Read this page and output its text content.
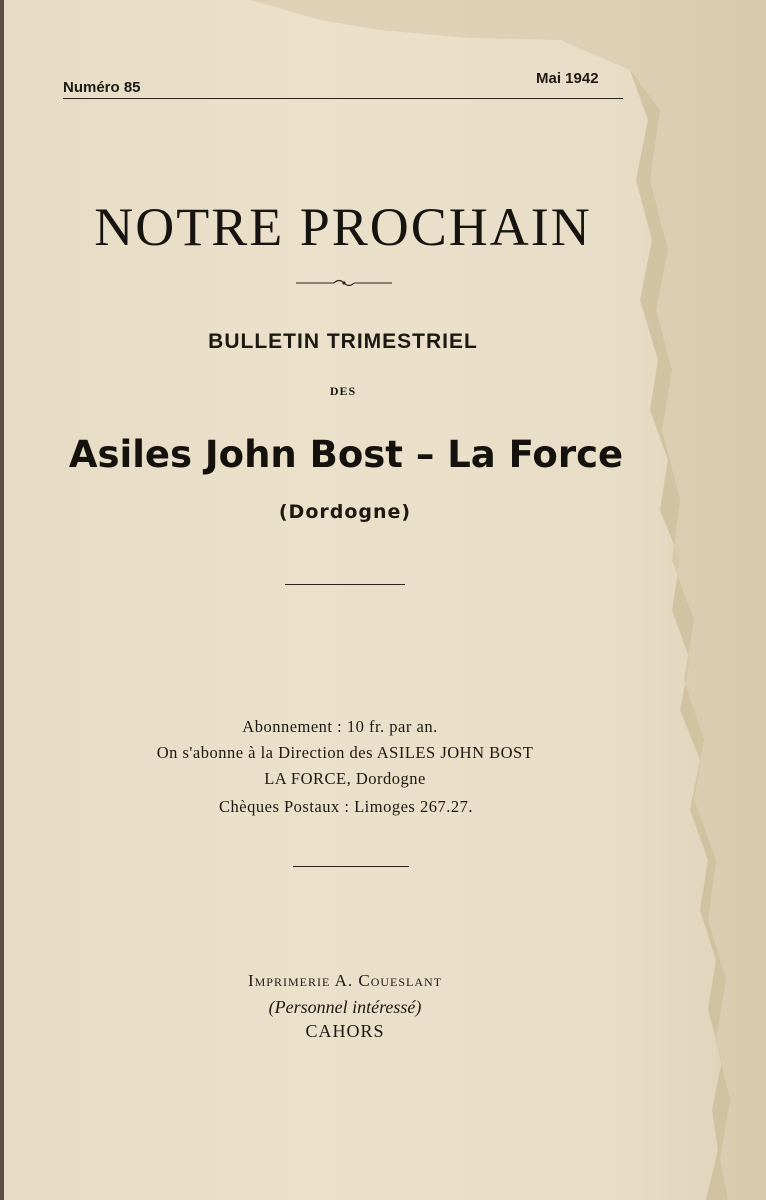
Numéro 85
Mai 1942
NOTRE PROCHAIN
BULLETIN TRIMESTRIEL
DES
Asiles John Bost – La Force
(Dordogne)
Abonnement : 10 fr. par an.
On s'abonne à la Direction des ASILES JOHN BOST
LA FORCE, Dordogne
Chèques Postaux : Limoges 267.27.
Imprimerie A. Coueslant
(Personnel intéressé)
CAHORS
